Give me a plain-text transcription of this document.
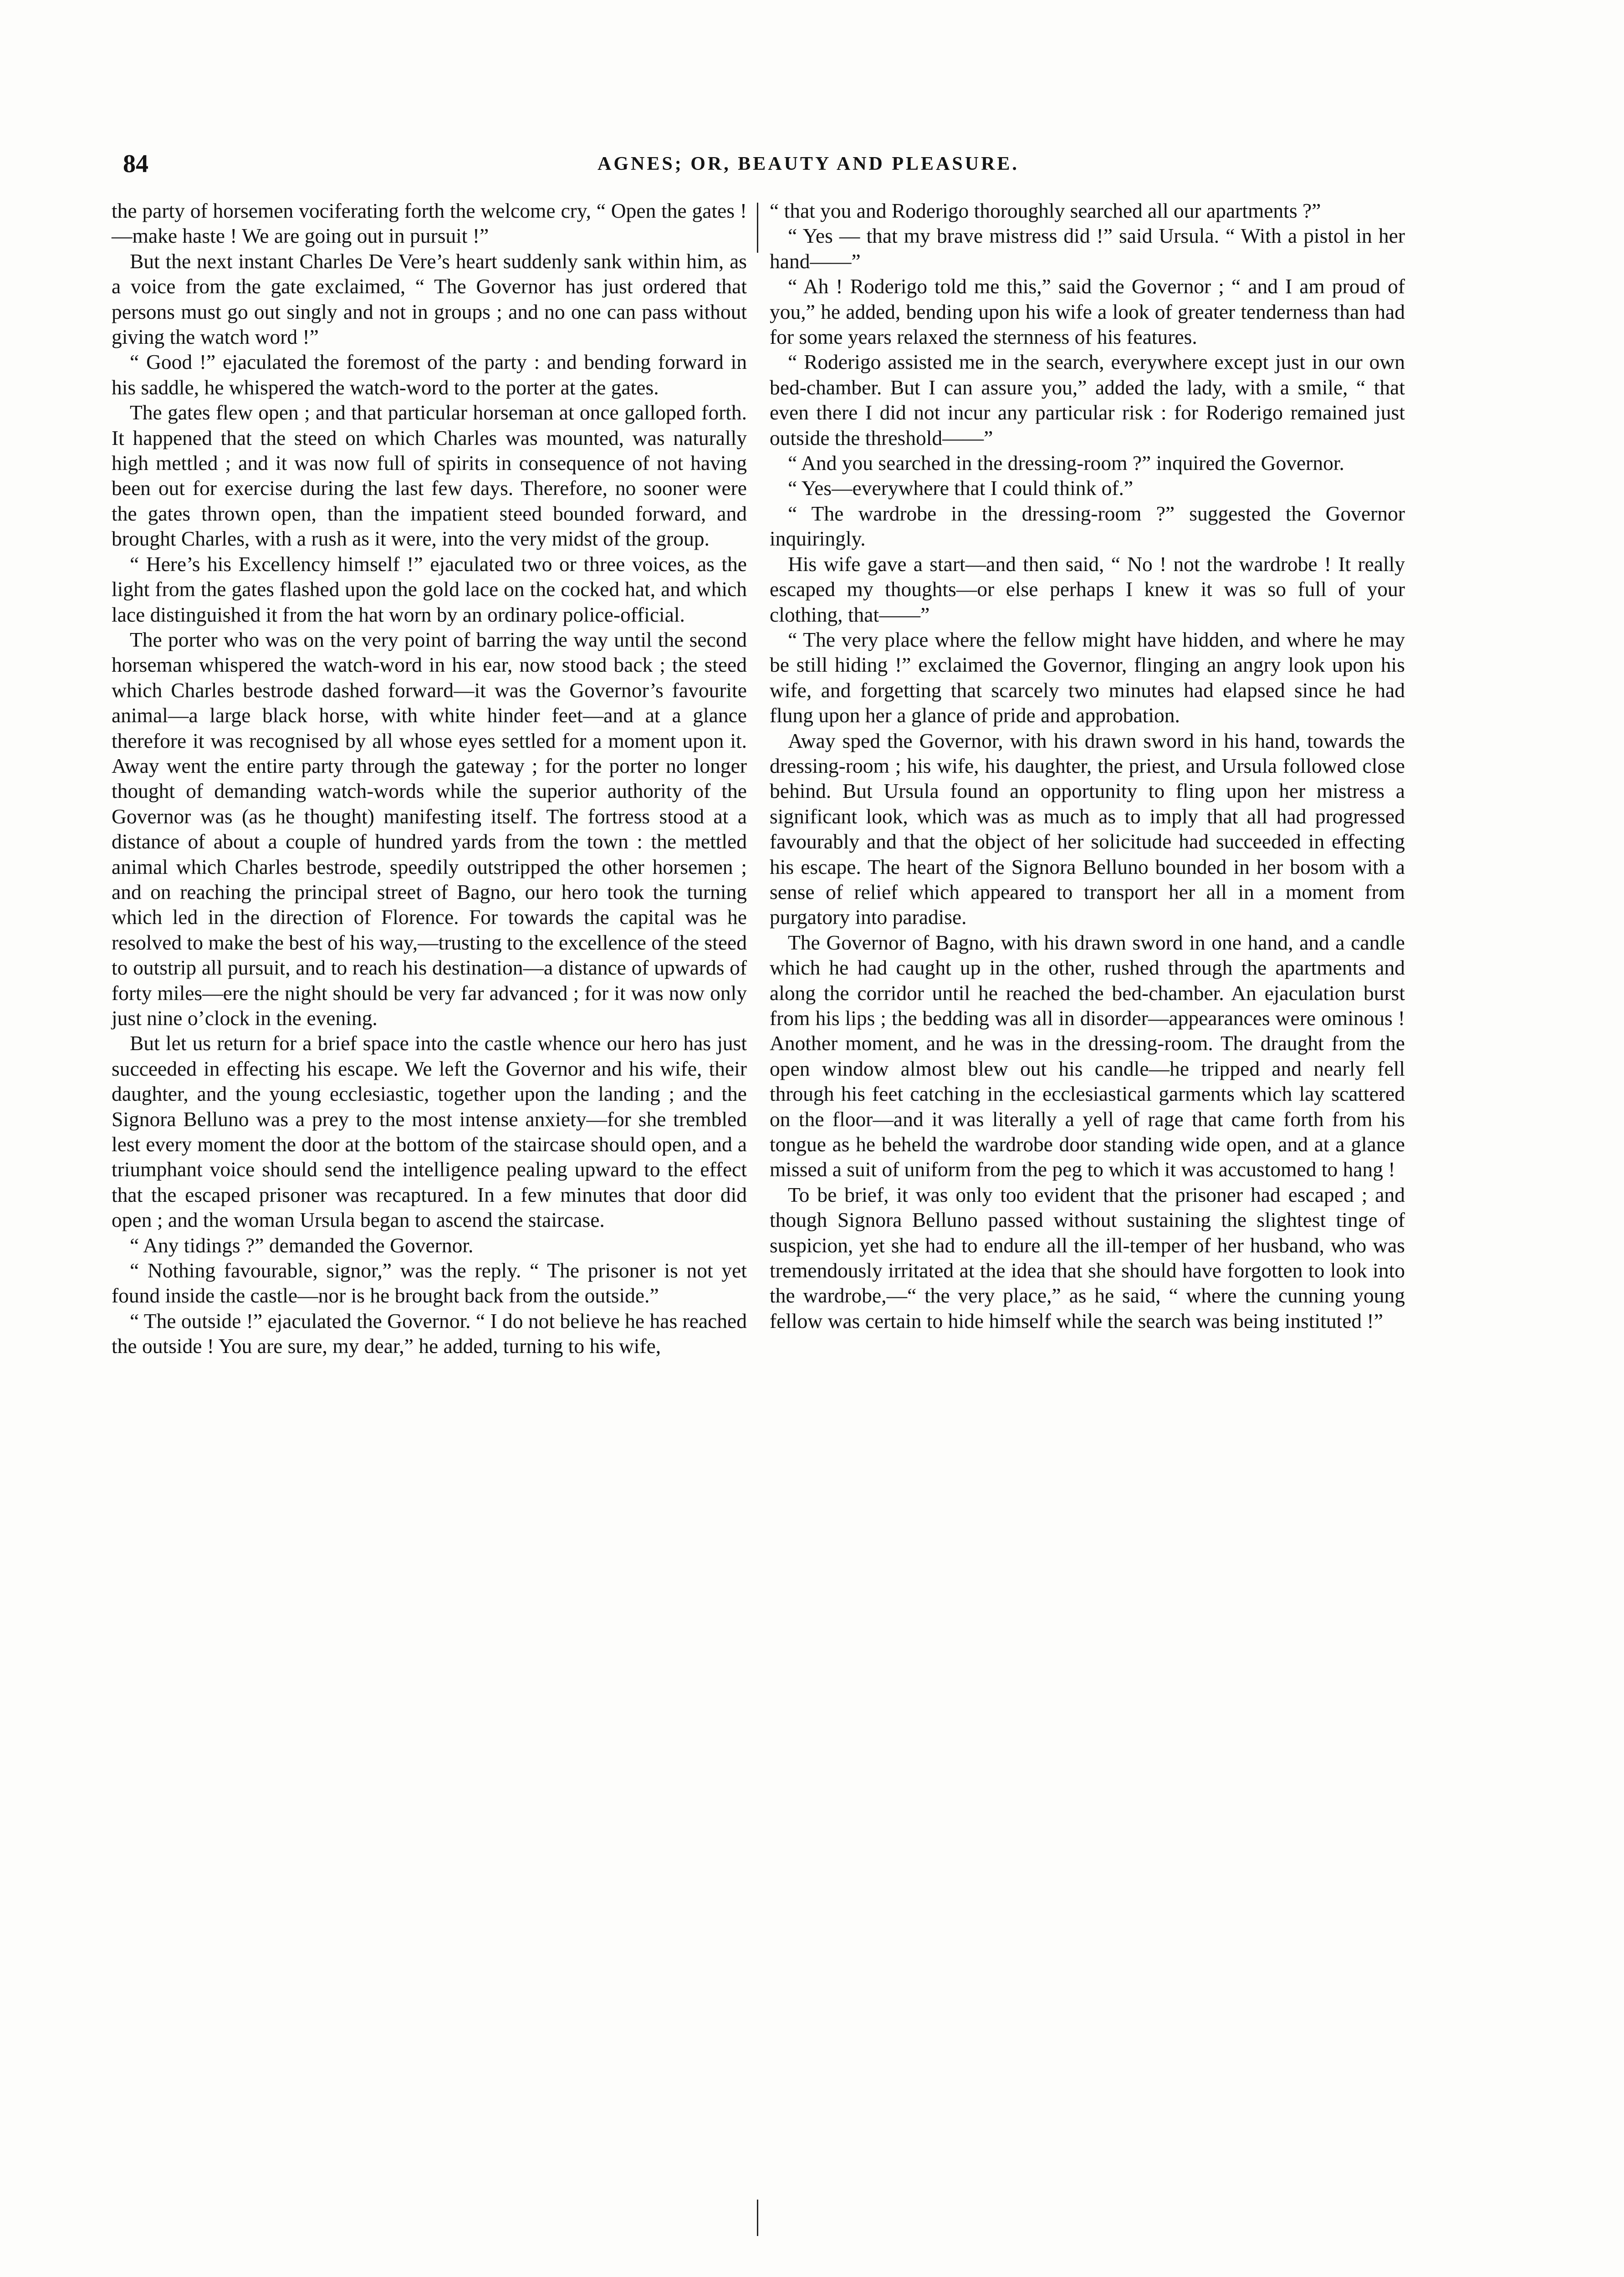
84	AGNES; OR, BEAUTY AND PLEASURE.

the party of horsemen vociferating forth the welcome cry, “ Open the gates !—make haste ! We are going out in pursuit !”

But the next instant Charles De Vere’s heart suddenly sank within him, as a voice from the gate exclaimed, “ The Governor has just ordered that persons must go out singly and not in groups ; and no one can pass without giving the watch word !”

“ Good !” ejaculated the foremost of the party : and bending forward in his saddle, he whispered the watch-word to the porter at the gates.

The gates flew open ; and that particular horseman at once galloped forth. It happened that the steed on which Charles was mounted, was naturally high mettled ; and it was now full of spirits in consequence of not having been out for exercise during the last few days. Therefore, no sooner were the gates thrown open, than the impatient steed bounded forward, and brought Charles, with a rush as it were, into the very midst of the group.

“ Here’s his Excellency himself !” ejaculated two or three voices, as the light from the gates flashed upon the gold lace on the cocked hat, and which lace distinguished it from the hat worn by an ordinary police-official.

The porter who was on the very point of barring the way until the second horseman whispered the watch-word in his ear, now stood back ; the steed which Charles bestrode dashed forward—it was the Governor’s favourite animal—a large black horse, with white hinder feet—and at a glance therefore it was recognised by all whose eyes settled for a moment upon it. Away went the entire party through the gateway ; for the porter no longer thought of demanding watch-words while the superior authority of the Governor was (as he thought) manifesting itself. The fortress stood at a distance of about a couple of hundred yards from the town : the mettled animal which Charles bestrode, speedily outstripped the other horsemen ; and on reaching the principal street of Bagno, our hero took the turning which led in the direction of Florence. For towards the capital was he resolved to make the best of his way,—trusting to the excellence of the steed to outstrip all pursuit, and to reach his destination—a distance of upwards of forty miles—ere the night should be very far advanced ; for it was now only just nine o’clock in the evening.

But let us return for a brief space into the castle whence our hero has just succeeded in effecting his escape. We left the Governor and his wife, their daughter, and the young ecclesiastic, together upon the landing ; and the Signora Belluno was a prey to the most intense anxiety—for she trembled lest every moment the door at the bottom of the staircase should open, and a triumphant voice should send the intelligence pealing upward to the effect that the escaped prisoner was recaptured. In a few minutes that door did open ; and the woman Ursula began to ascend the staircase.

“ Any tidings ?” demanded the Governor.

“ Nothing favourable, signor,” was the reply. “ The prisoner is not yet found inside the castle—nor is he brought back from the outside.”

“ The outside !” ejaculated the Governor. “ I do not believe he has reached the outside ! You are sure, my dear,” he added, turning to his wife,

“ that you and Roderigo thoroughly searched all our apartments ?”

“ Yes — that my brave mistress did !” said Ursula. “ With a pistol in her hand——”

“ Ah ! Roderigo told me this,” said the Governor ; “ and I am proud of you,” he added, bending upon his wife a look of greater tenderness than had for some years relaxed the sternness of his features.

“ Roderigo assisted me in the search, everywhere except just in our own bed-chamber. But I can assure you,” added the lady, with a smile, “ that even there I did not incur any particular risk : for Roderigo remained just outside the threshold——”

“ And you searched in the dressing-room ?” inquired the Governor.

“ Yes—everywhere that I could think of.”

“ The wardrobe in the dressing-room ?” suggested the Governor inquiringly.

His wife gave a start—and then said, “ No ! not the wardrobe ! It really escaped my thoughts—or else perhaps I knew it was so full of your clothing, that——”

“ The very place where the fellow might have hidden, and where he may be still hiding !” exclaimed the Governor, flinging an angry look upon his wife, and forgetting that scarcely two minutes had elapsed since he had flung upon her a glance of pride and approbation.

Away sped the Governor, with his drawn sword in his hand, towards the dressing-room ; his wife, his daughter, the priest, and Ursula followed close behind. But Ursula found an opportunity to fling upon her mistress a significant look, which was as much as to imply that all had progressed favourably and that the object of her solicitude had succeeded in effecting his escape. The heart of the Signora Belluno bounded in her bosom with a sense of relief which appeared to transport her all in a moment from purgatory into paradise.

The Governor of Bagno, with his drawn sword in one hand, and a candle which he had caught up in the other, rushed through the apartments and along the corridor until he reached the bed-chamber. An ejaculation burst from his lips ; the bedding was all in disorder—appearances were ominous ! Another moment, and he was in the dressing-room. The draught from the open window almost blew out his candle—he tripped and nearly fell through his feet catching in the ecclesiastical garments which lay scattered on the floor—and it was literally a yell of rage that came forth from his tongue as he beheld the wardrobe door standing wide open, and at a glance missed a suit of uniform from the peg to which it was accustomed to hang !

To be brief, it was only too evident that the prisoner had escaped ; and though Signora Belluno passed without sustaining the slightest tinge of suspicion, yet she had to endure all the ill-temper of her husband, who was tremendously irritated at the idea that she should have forgotten to look into the wardrobe,—“ the very place,” as he said, “ where the cunning young fellow was certain to hide himself while the search was being instituted !”
